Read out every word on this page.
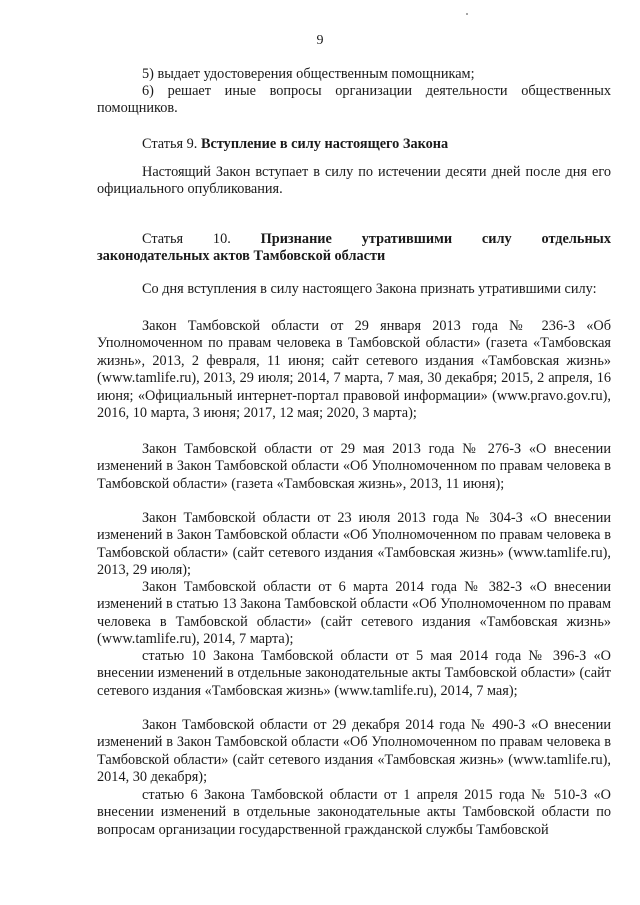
9

5) выдает удостоверения общественным помощникам;

6) решает иные вопросы организации деятельности общественных помощников.

Статья 9. Вступление в силу настоящего Закона

Настоящий Закон вступает в силу по истечении десяти дней после дня его официального опубликования.

Статья 10. Признание утратившими силу отдельных

законодательных актов Тамбовской области

Со дня вступления в силу настоящего Закона признать утратившими силу:

Закон Тамбовской области от 29 января 2013 года № 236-З «Об Уполномоченном по правам человека в Тамбовской области» (газета «Тамбовская жизнь», 2013, 2 февраля, 11 июня; сайт сетевого издания «Тамбовская жизнь» (www.tamlife.ru), 2013, 29 июля; 2014, 7 марта, 7 мая, 30 декабря; 2015, 2 апреля, 16 июня; «Официальный интернет-портал правовой информации» (www.pravo.gov.ru), 2016, 10 марта, 3 июня; 2017, 12 мая; 2020, 3 марта);

Закон Тамбовской области от 29 мая 2013 года № 276-З «О внесении изменений в Закон Тамбовской области «Об Уполномоченном по правам человека в Тамбовской области» (газета «Тамбовская жизнь», 2013, 11 июня);

Закон Тамбовской области от 23 июля 2013 года № 304-З «О внесении изменений в Закон Тамбовской области «Об Уполномоченном по правам человека в Тамбовской области» (сайт сетевого издания «Тамбовская жизнь» (www.tamlife.ru), 2013, 29 июля);

Закон Тамбовской области от 6 марта 2014 года № 382-З «О внесении изменений в статью 13 Закона Тамбовской области «Об Уполномоченном по правам человека в Тамбовской области» (сайт сетевого издания «Тамбовская жизнь» (www.tamlife.ru), 2014, 7 марта);

статью 10 Закона Тамбовской области от 5 мая 2014 года № 396-З «О внесении изменений в отдельные законодательные акты Тамбовской области» (сайт сетевого издания «Тамбовская жизнь» (www.tamlife.ru), 2014, 7 мая);

Закон Тамбовской области от 29 декабря 2014 года № 490-З «О внесении изменений в Закон Тамбовской области «Об Уполномоченном по правам человека в Тамбовской области» (сайт сетевого издания «Тамбовская жизнь» (www.tamlife.ru), 2014, 30 декабря);

статью 6 Закона Тамбовской области от 1 апреля 2015 года № 510-З «О внесении изменений в отдельные законодательные акты Тамбовской области по вопросам организации государственной гражданской службы Тамбовской
